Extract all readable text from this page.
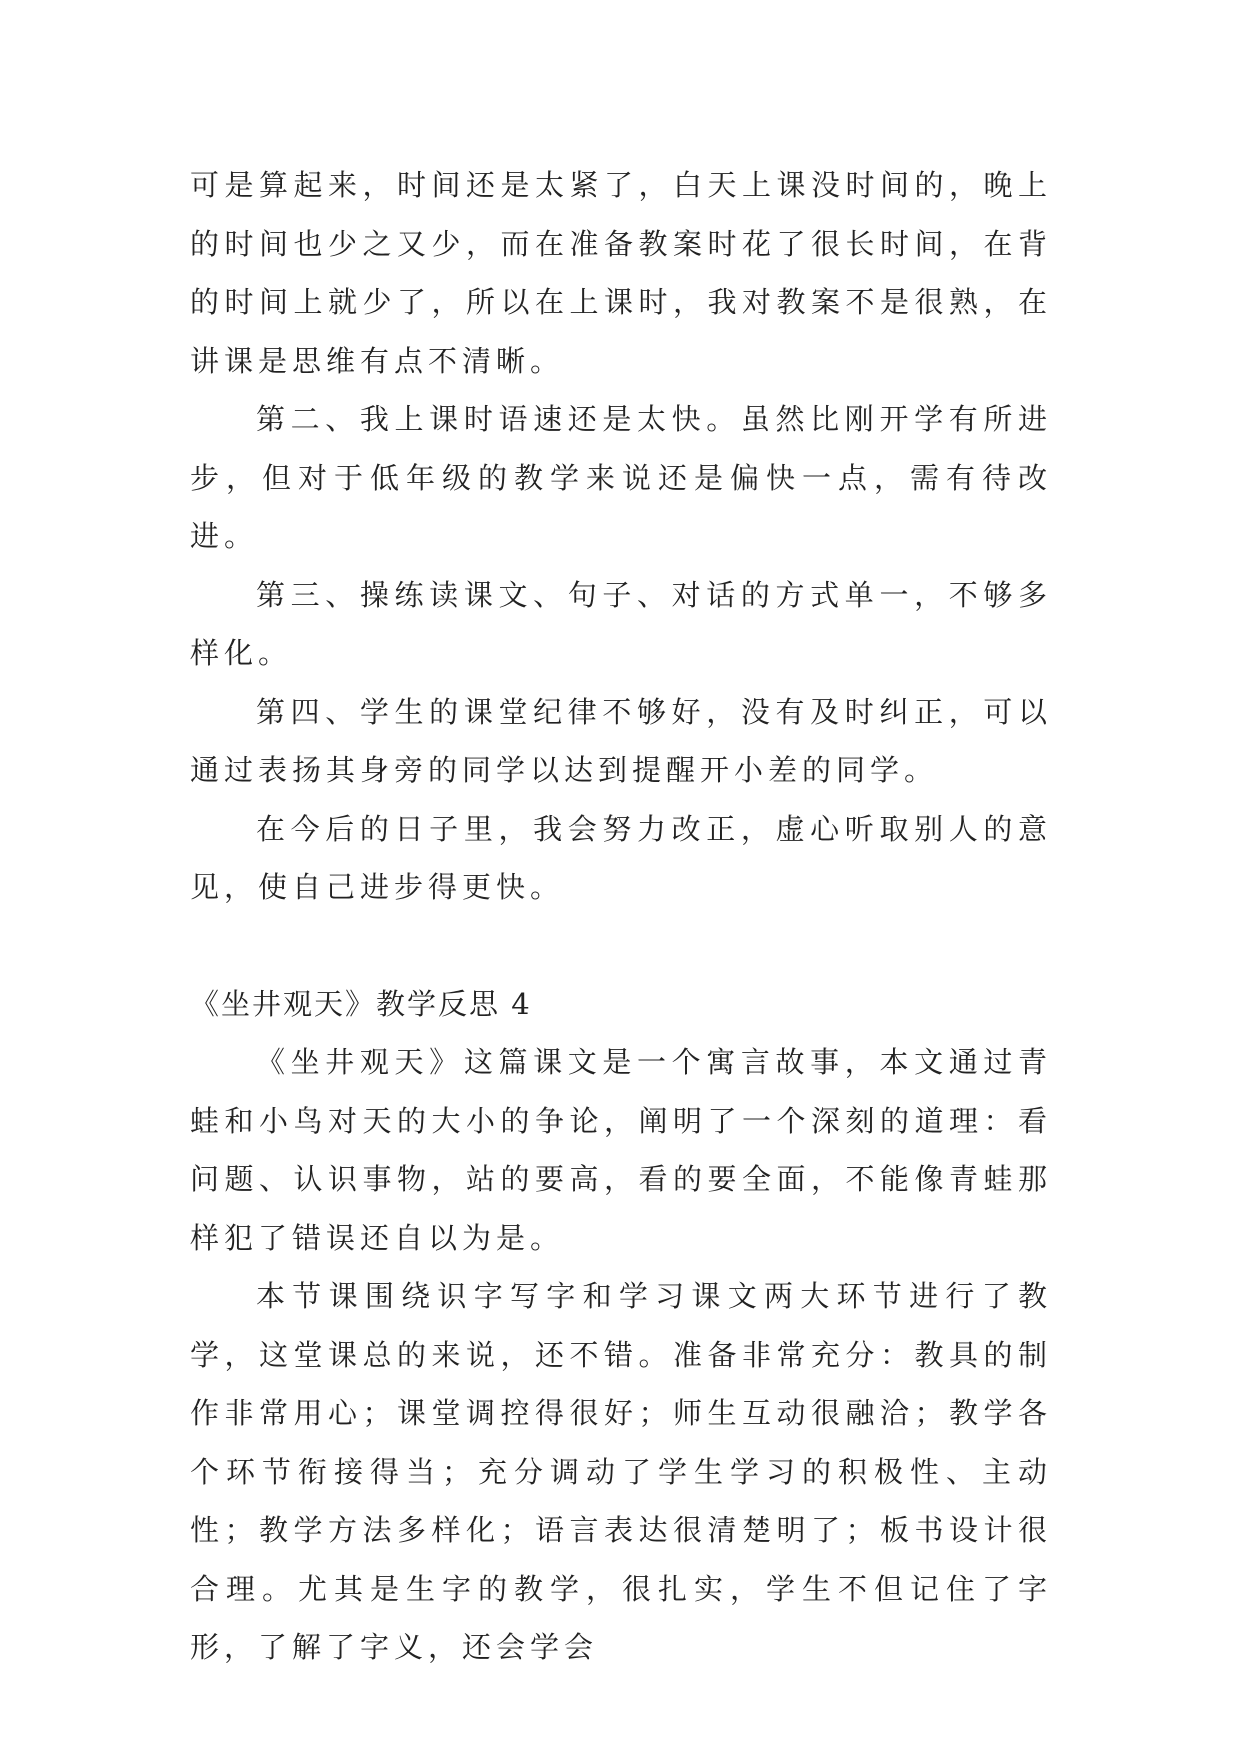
可是算起来，时间还是太紧了，白天上课没时间的，晚上的时间也少之又少，而在准备教案时花了很长时间，在背的时间上就少了，所以在上课时，我对教案不是很熟，在讲课是思维有点不清晰。

第二、我上课时语速还是太快。虽然比刚开学有所进步，但对于低年级的教学来说还是偏快一点，需有待改进。

第三、操练读课文、句子、对话的方式单一，不够多样化。

第四、学生的课堂纪律不够好，没有及时纠正，可以通过表扬其身旁的同学以达到提醒开小差的同学。

在今后的日子里，我会努力改正，虚心听取别人的意见，使自己进步得更快。

《坐井观天》教学反思 4

《坐井观天》这篇课文是一个寓言故事，本文通过青蛙和小鸟对天的大小的争论，阐明了一个深刻的道理：看问题、认识事物，站的要高，看的要全面，不能像青蛙那样犯了错误还自以为是。

本节课围绕识字写字和学习课文两大环节进行了教学，这堂课总的来说，还不错。准备非常充分：教具的制作非常用心；课堂调控得很好；师生互动很融洽；教学各个环节衔接得当；充分调动了学生学习的积极性、主动性；教学方法多样化；语言表达很清楚明了；板书设计很合理。尤其是生字的教学，很扎实，学生不但记住了字形，了解了字义，还会学会
